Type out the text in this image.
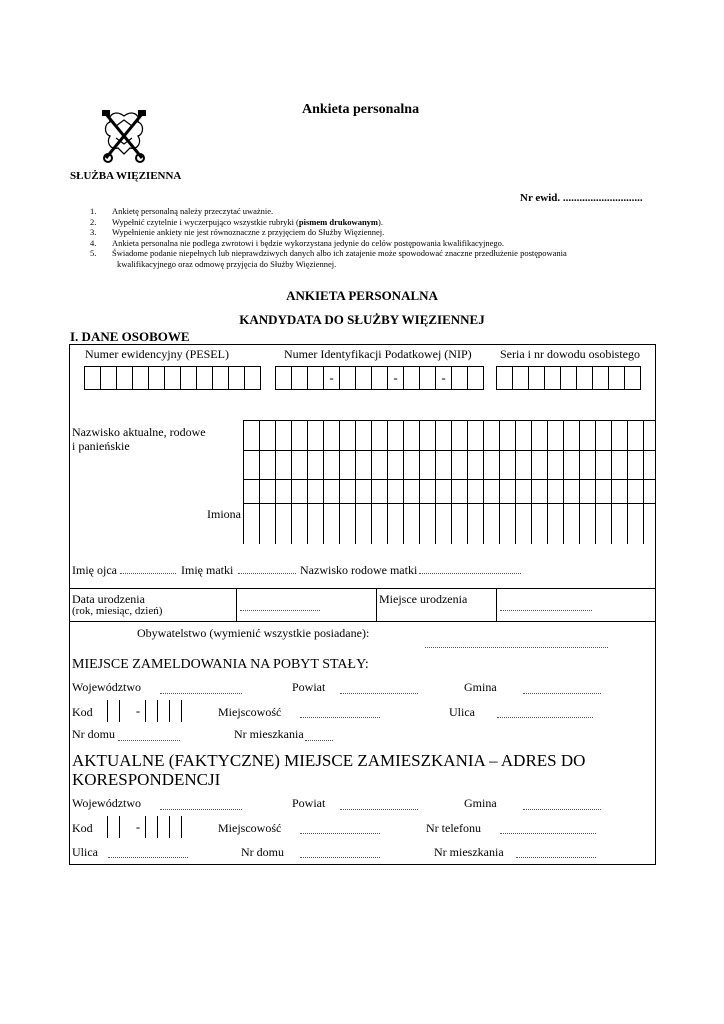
Ankieta personalna
SŁUŻBA WIĘZIENNA
Nr ewid. .............................
1. Ankietę personalną należy przeczytać uważnie.
2. Wypełnić czytelnie i wyczerpująco wszystkie rubryki (pismem drukowanym).
3. Wypełnienie ankiety nie jest równoznaczne z przyjęciem do Służby Więziennej.
4. Ankieta personalna nie podlega zwrotowi i będzie wykorzystana jedynie do celów postępowania kwalifikacyjnego.
5. Świadome podanie niepełnych lub nieprawdziwych danych albo ich zatajenie może spowodować znaczne przedłużenie postępowania
kwalifikacyjnego oraz odmowę przyjęcia do Służby Więziennej.
ANKIETA PERSONALNA
KANDYDATA DO SŁUŻBY WIĘZIENNEJ
I. DANE OSOBOWE
Numer ewidencyjny (PESEL)	Numer Identyfikacji Podatkowej (NIP) Seria i nr dowodu osobistego
-	-	-
Nazwisko aktualne, rodowe
i panieńskie
Imiona
Imię ojca	Imię matki	Nazwisko rodowe matki
Data urodzenia
(rok, miesiąc, dzień)
Miejsce urodzenia
Obywatelstwo (wymienić wszystkie posiadane):
MIEJSCE ZAMELDOWANIA NA POBYT STAŁY:
Województwo	Powiat	Gmina
Kod	-	Miejscowość	Ulica
Nr domu	Nr mieszkania
AKTUALNE (FAKTYCZNE) MIEJSCE ZAMIESZKANIA – ADRES DO
KORESPONDENCJI
Województwo	Powiat	Gmina
Kod	-	Miejscowość	Nr telefonu
Ulica	Nr domu	Nr mieszkania
